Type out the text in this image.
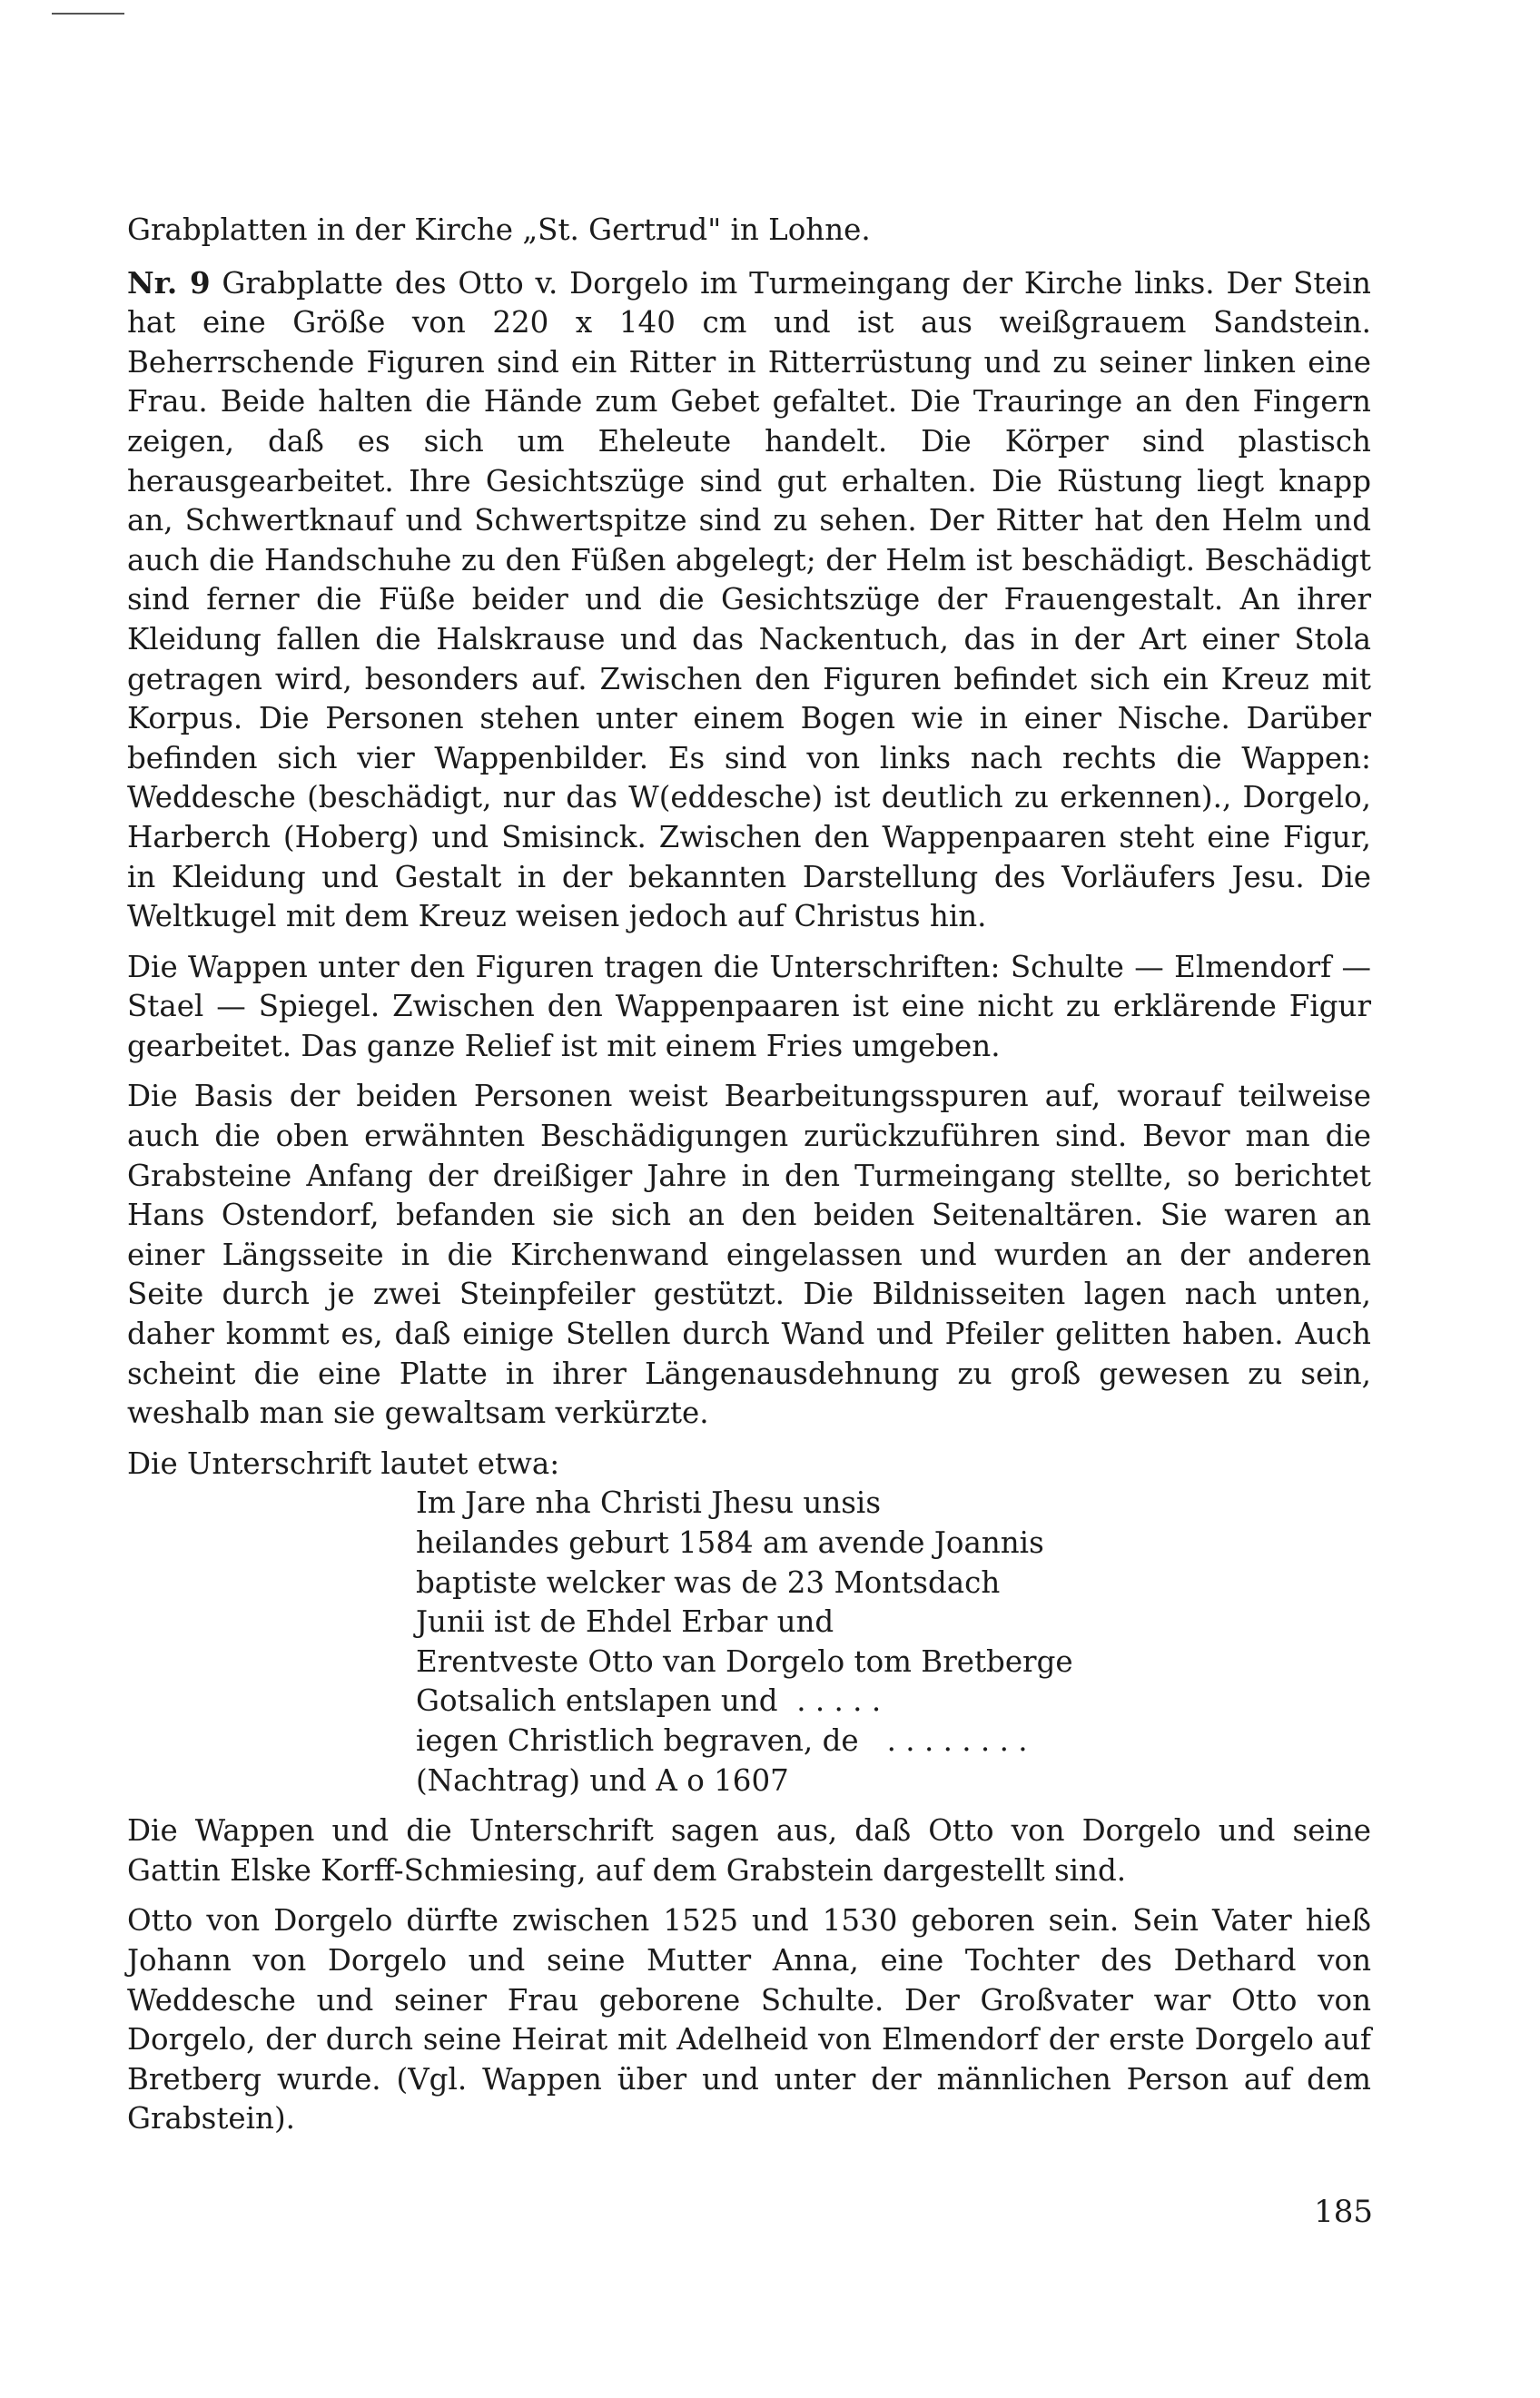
Grabplatten in der Kirche „St. Gertrud" in Lohne.

Nr. 9 Grabplatte des Otto v. Dorgelo im Turmeingang der Kirche links. Der Stein hat eine Größe von 220 x 140 cm und ist aus weißgrauem Sandstein. Beherrschende Figuren sind ein Ritter in Ritterrüstung und zu seiner linken eine Frau. Beide halten die Hände zum Gebet gefaltet. Die Trauringe an den Fingern zeigen, daß es sich um Eheleute handelt. Die Körper sind plastisch herausgearbeitet. Ihre Gesichtszüge sind gut erhalten. Die Rüstung liegt knapp an, Schwertknauf und Schwertspitze sind zu sehen. Der Ritter hat den Helm und auch die Handschuhe zu den Füßen abgelegt; der Helm ist beschädigt. Beschädigt sind ferner die Füße beider und die Gesichtszüge der Frauengestalt. An ihrer Kleidung fallen die Halskrause und das Nackentuch, das in der Art einer Stola getragen wird, besonders auf. Zwischen den Figuren befindet sich ein Kreuz mit Korpus. Die Personen stehen unter einem Bogen wie in einer Nische. Darüber befinden sich vier Wappenbilder. Es sind von links nach rechts die Wappen: Weddesche (beschädigt, nur das W(eddesche) ist deutlich zu erkennen)., Dorgelo, Harberch (Hoberg) und Smisinck. Zwischen den Wappenpaaren steht eine Figur, in Kleidung und Gestalt in der bekannten Darstellung des Vorläufers Jesu. Die Weltkugel mit dem Kreuz weisen jedoch auf Christus hin.

Die Wappen unter den Figuren tragen die Unterschriften: Schulte — Elmendorf — Stael — Spiegel. Zwischen den Wappenpaaren ist eine nicht zu erklärende Figur gearbeitet. Das ganze Relief ist mit einem Fries umgeben.

Die Basis der beiden Personen weist Bearbeitungsspuren auf, worauf teilweise auch die oben erwähnten Beschädigungen zurückzuführen sind. Bevor man die Grabsteine Anfang der dreißiger Jahre in den Turmeingang stellte, so berichtet Hans Ostendorf, befanden sie sich an den beiden Seitenaltären. Sie waren an einer Längsseite in die Kirchenwand eingelassen und wurden an der anderen Seite durch je zwei Steinpfeiler gestützt. Die Bildnisseiten lagen nach unten, daher kommt es, daß einige Stellen durch Wand und Pfeiler gelitten haben. Auch scheint die eine Platte in ihrer Längenausdehnung zu groß gewesen zu sein, weshalb man sie gewaltsam verkürzte.

Die Unterschrift lautet etwa:

Im Jare nha Christi Jhesu unsis
heilandes geburt 1584 am avende Joannis
baptiste welcker was de 23 Montsdach
Junii ist de Ehdel Erbar und
Erentveste Otto van Dorgelo tom Bretberge
Gotsalich entslapen und  . . . . .
iegen Christlich begraven, de   . . . . . . . .
(Nachtrag) und A o 1607

Die Wappen und die Unterschrift sagen aus, daß Otto von Dorgelo und seine Gattin Elske Korff-Schmiesing, auf dem Grabstein dargestellt sind.

Otto von Dorgelo dürfte zwischen 1525 und 1530 geboren sein. Sein Vater hieß Johann von Dorgelo und seine Mutter Anna, eine Tochter des Dethard von Weddesche und seiner Frau geborene Schulte. Der Großvater war Otto von Dorgelo, der durch seine Heirat mit Adelheid von Elmendorf der erste Dorgelo auf Bretberg wurde. (Vgl. Wappen über und unter der männlichen Person auf dem Grabstein).

185
